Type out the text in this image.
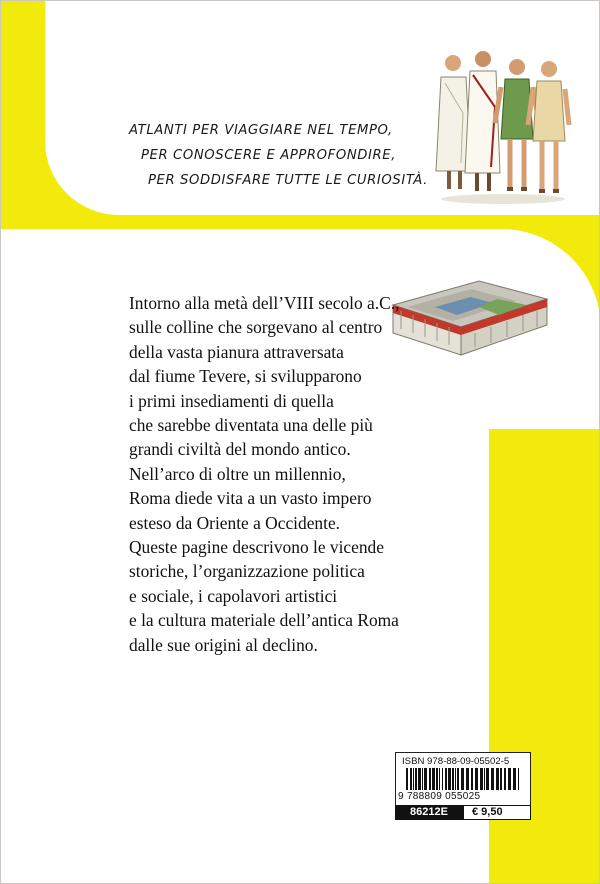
ATLANTI PER VIAGGIARE NEL TEMPO,
PER CONOSCERE E APPROFONDIRE,
PER SODDISFARE TUTTE LE CURIOSITÀ.
Intorno alla metà dell’VIII secolo a.C.,
sulle colline che sorgevano al centro
della vasta pianura attraversata
dal fiume Tevere, si svilupparono
i primi insediamenti di quella
che sarebbe diventata una delle più
grandi civiltà del mondo antico.
Nell’arco di oltre un millennio,
Roma diede vita a un vasto impero
esteso da Oriente a Occidente.
Queste pagine descrivono le vicende
storiche, l’organizzazione politica
e sociale, i capolavori artistici
e la cultura materiale dell’antica Roma
dalle sue origini al declino.
ISBN 978-88-09-05502-5
9 788809 055025
86212E	€ 9,50
